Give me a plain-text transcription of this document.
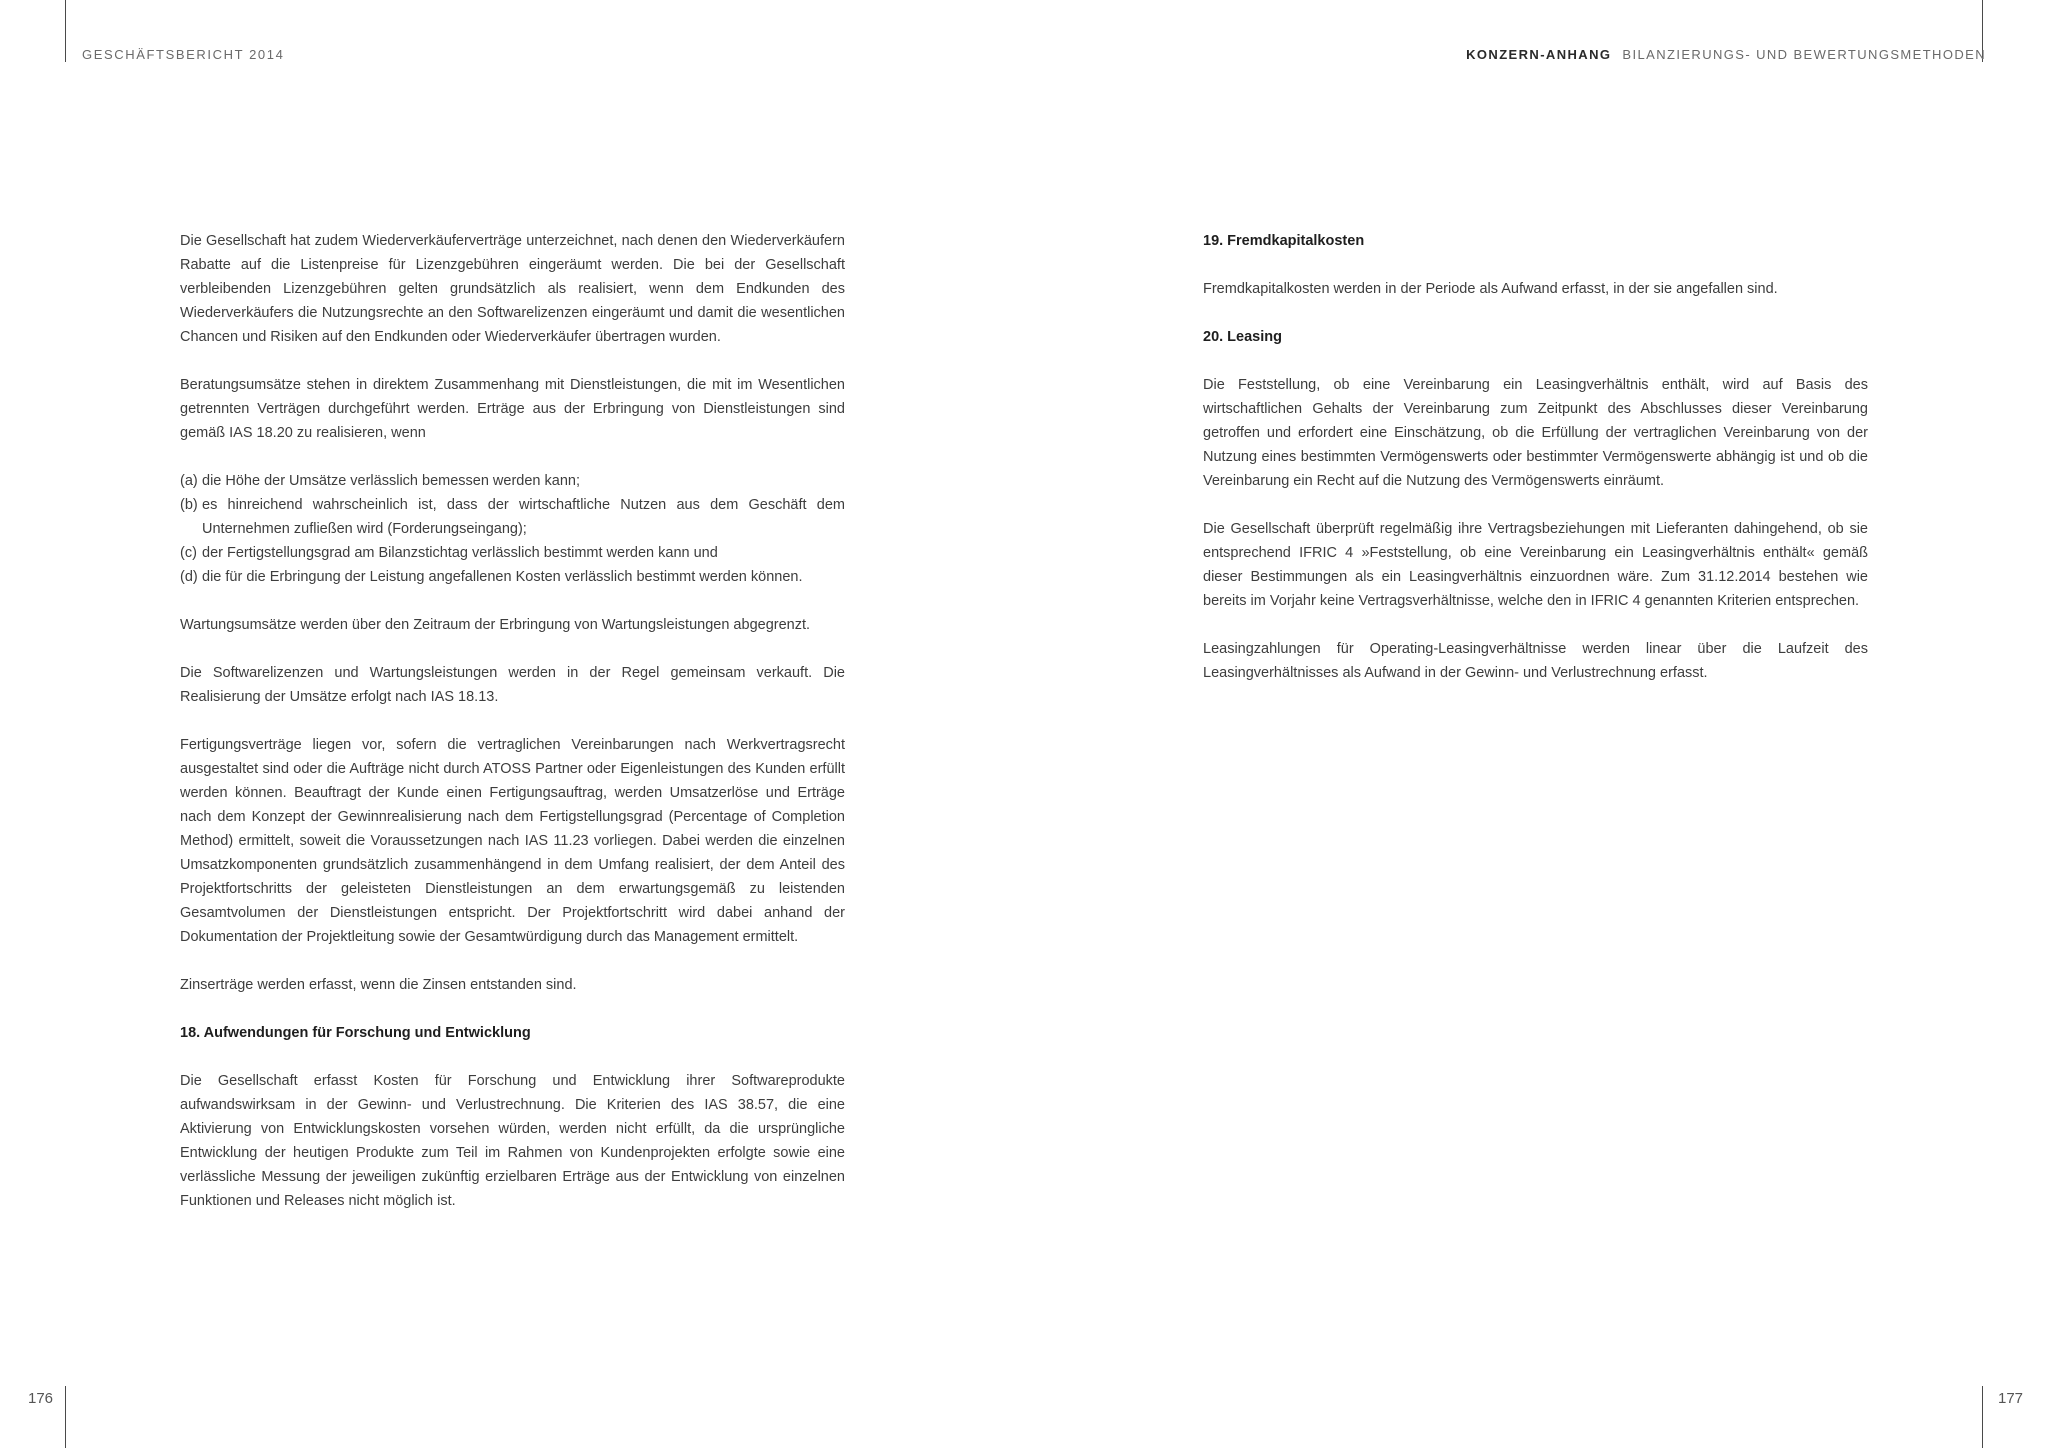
GESCHÄFTSBERICHT 2014	KONZERN-ANHANG BILANZIERUNGS- UND BEWERTUNGSMETHODEN

Die Gesellschaft hat zudem Wiederverkäuferverträge unterzeichnet, nach denen den Wiederverkäufern Rabatte auf die Listenpreise für Lizenzgebühren eingeräumt werden. Die bei der Gesellschaft verbleibenden Lizenzgebühren gelten grundsätzlich als realisiert, wenn dem Endkunden des Wiederverkäufers die Nutzungsrechte an den Softwarelizenzen eingeräumt und damit die wesentlichen Chancen und Risiken auf den Endkunden oder Wiederverkäufer übertragen wurden.

Beratungsumsätze stehen in direktem Zusammenhang mit Dienstleistungen, die mit im Wesentlichen getrennten Verträgen durchgeführt werden. Erträge aus der Erbringung von Dienstleistungen sind gemäß IAS 18.20 zu realisieren, wenn

(a) die Höhe der Umsätze verlässlich bemessen werden kann;
(b) es hinreichend wahrscheinlich ist, dass der wirtschaftliche Nutzen aus dem Geschäft dem Unternehmen zufließen wird (Forderungseingang);
(c) der Fertigstellungsgrad am Bilanzstichtag verlässlich bestimmt werden kann und
(d) die für die Erbringung der Leistung angefallenen Kosten verlässlich bestimmt werden können.

Wartungsumsätze werden über den Zeitraum der Erbringung von Wartungsleistungen abgegrenzt.

Die Softwarelizenzen und Wartungsleistungen werden in der Regel gemeinsam verkauft. Die Realisierung der Umsätze erfolgt nach IAS 18.13.

Fertigungsverträge liegen vor, sofern die vertraglichen Vereinbarungen nach Werkvertragsrecht ausgestaltet sind oder die Aufträge nicht durch ATOSS Partner oder Eigenleistungen des Kunden erfüllt werden können. Beauftragt der Kunde einen Fertigungsauftrag, werden Umsatzerlöse und Erträge nach dem Konzept der Gewinnrealisierung nach dem Fertigstellungsgrad (Percentage of Completion Method) ermittelt, soweit die Voraussetzungen nach IAS 11.23 vorliegen. Dabei werden die einzelnen Umsatzkomponenten grundsätzlich zusammenhängend in dem Umfang realisiert, der dem Anteil des Projektfortschritts der geleisteten Dienstleistungen an dem erwartungsgemäß zu leistenden Gesamtvolumen der Dienstleistungen entspricht. Der Projektfortschritt wird dabei anhand der Dokumentation der Projektleitung sowie der Gesamtwürdigung durch das Management ermittelt.

Zinserträge werden erfasst, wenn die Zinsen entstanden sind.

18. Aufwendungen für Forschung und Entwicklung

Die Gesellschaft erfasst Kosten für Forschung und Entwicklung ihrer Softwareprodukte aufwandswirksam in der Gewinn- und Verlustrechnung. Die Kriterien des IAS 38.57, die eine Aktivierung von Entwicklungskosten vorsehen würden, werden nicht erfüllt, da die ursprüngliche Entwicklung der heutigen Produkte zum Teil im Rahmen von Kundenprojekten erfolgte sowie eine verlässliche Messung der jeweiligen zukünftig erzielbaren Erträge aus der Entwicklung von einzelnen Funktionen und Releases nicht möglich ist.

19. Fremdkapitalkosten

Fremdkapitalkosten werden in der Periode als Aufwand erfasst, in der sie angefallen sind.

20. Leasing

Die Feststellung, ob eine Vereinbarung ein Leasingverhältnis enthält, wird auf Basis des wirtschaftlichen Gehalts der Vereinbarung zum Zeitpunkt des Abschlusses dieser Vereinbarung getroffen und erfordert eine Einschätzung, ob die Erfüllung der vertraglichen Vereinbarung von der Nutzung eines bestimmten Vermögenswerts oder bestimmter Vermögenswerte abhängig ist und ob die Vereinbarung ein Recht auf die Nutzung des Vermögenswerts einräumt.

Die Gesellschaft überprüft regelmäßig ihre Vertragsbeziehungen mit Lieferanten dahingehend, ob sie entsprechend IFRIC 4 »Feststellung, ob eine Vereinbarung ein Leasingverhältnis enthält« gemäß dieser Bestimmungen als ein Leasingverhältnis einzuordnen wäre. Zum 31.12.2014 bestehen wie bereits im Vorjahr keine Vertragsverhältnisse, welche den in IFRIC 4 genannten Kriterien entsprechen.

Leasingzahlungen für Operating-Leasingverhältnisse werden linear über die Laufzeit des Leasingverhältnisses als Aufwand in der Gewinn- und Verlustrechnung erfasst.

176	177
